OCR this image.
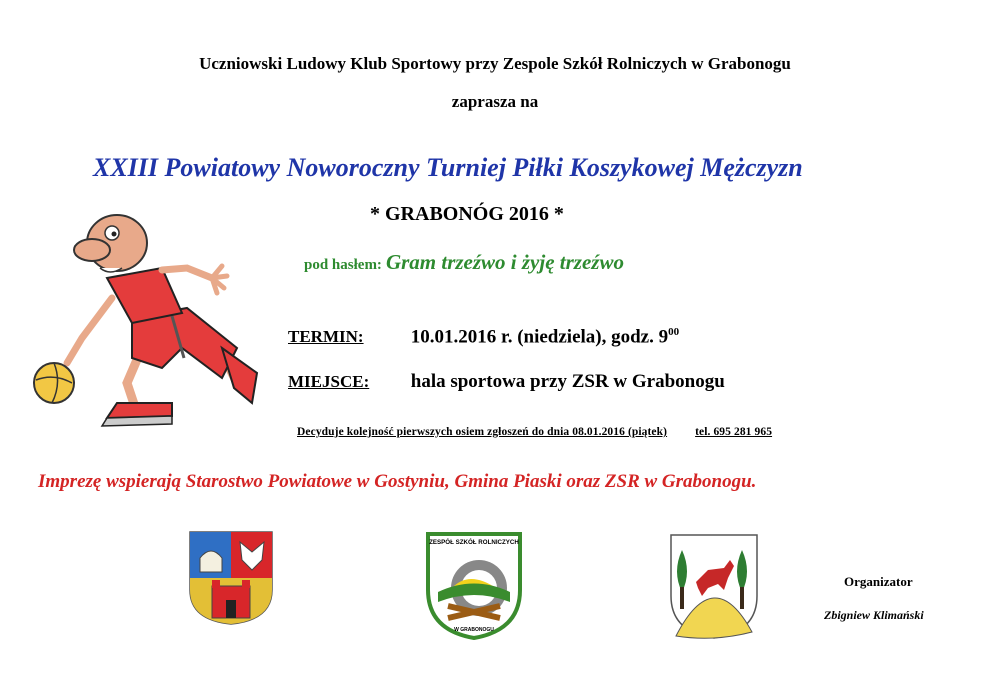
Uczniowski Ludowy Klub Sportowy przy Zespole Szkół Rolniczych w Grabonogu
zaprasza na
XXIII Powiatowy Noworoczny Turniej Piłki Koszykowej Mężczyzn
* GRABONÓG 2016 *
pod hasłem: Gram trzeźwo i żyję trzeźwo
TERMIN: 10.01.2016 r. (niedziela), godz. $9^{00}$
MIEJSCE: hala sportowa przy ZSR w Grabonogu
Decyduje kolejność pierwszych osiem zgłoszeń do dnia 08.01.2016 (piątek) tel. 695 281 965
Imprezę wspierają Starostwo Powiatowe w Gostyniu, Gmina Piaski oraz ZSR w Grabonogu.
ZESPÓŁ SZKÓŁ ROLNICZYCH
W GRABONOGU
Organizator
Zbigniew Klimański
